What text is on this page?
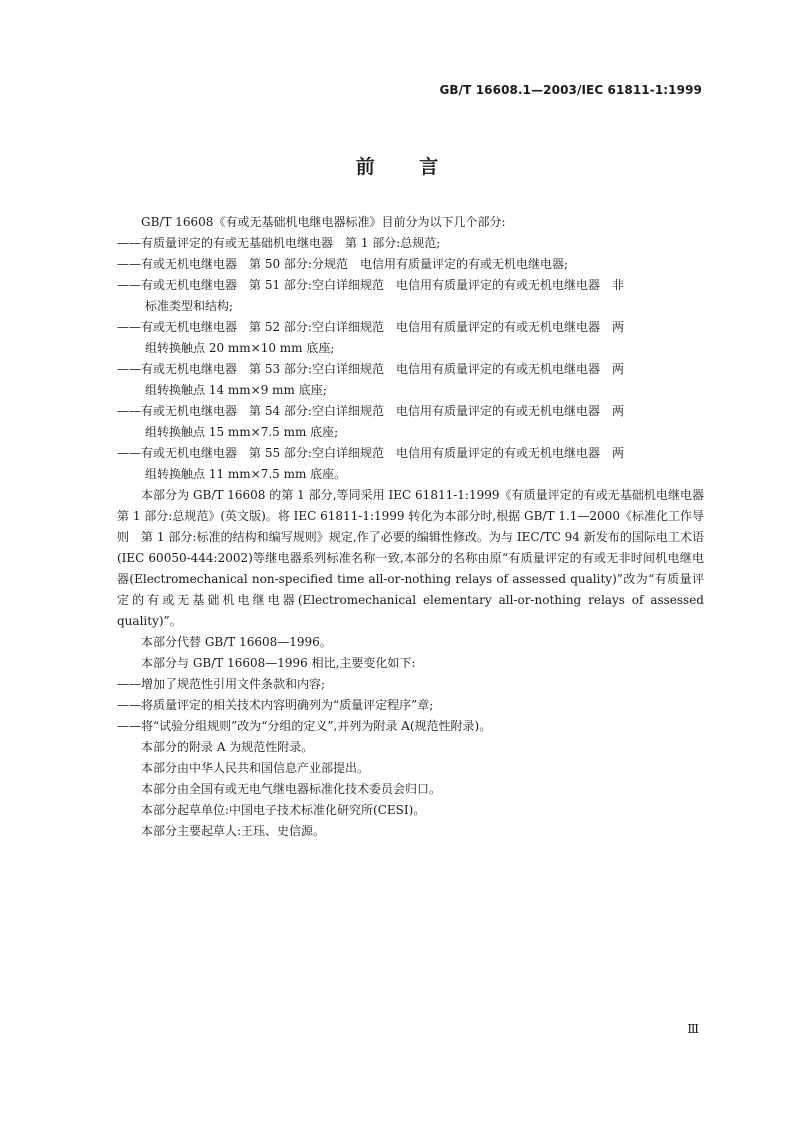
GB/T 16608.1—2003/IEC 61811-1:1999
前 言
GB/T 16608《有或无基础机电继电器标准》目前分为以下几个部分:
——有质量评定的有或无基础机电继电器　第 1 部分:总规范;
——有或无机电继电器　第 50 部分:分规范　电信用有质量评定的有或无机电继电器;
——有或无机电继电器　第 51 部分:空白详细规范　电信用有质量评定的有或无机电继电器　非
标准类型和结构;
——有或无机电继电器　第 52 部分:空白详细规范　电信用有质量评定的有或无机电继电器　两
组转换触点 20 mm×10 mm 底座;
——有或无机电继电器　第 53 部分:空白详细规范　电信用有质量评定的有或无机电继电器　两
组转换触点 14 mm×9 mm 底座;
——有或无机电继电器　第 54 部分:空白详细规范　电信用有质量评定的有或无机电继电器　两
组转换触点 15 mm×7.5 mm 底座;
——有或无机电继电器　第 55 部分:空白详细规范　电信用有质量评定的有或无机电继电器　两
组转换触点 11 mm×7.5 mm 底座。
本部分为 GB/T 16608 的第 1 部分,等同采用 IEC 61811-1:1999《有质量评定的有或无基础机电继电器　第 1 部分:总规范》(英文版)。将 IEC 61811-1:1999 转化为本部分时,根据 GB/T 1.1—2000《标准化工作导则　第 1 部分:标准的结构和编写规则》规定,作了必要的编辑性修改。为与 IEC/TC 94 新发布的国际电工术语(IEC 60050-444:2002)等继电器系列标准名称一致,本部分的名称由原“有质量评定的有或无非时间机电继电器(Electromechanical non-specified time all-or-nothing relays of assessed quality)”改为“有质量评定的有或无基础机电继电器(Electromechanical elementary all-or-nothing relays of assessed quality)”。
本部分代替 GB/T 16608—1996。
本部分与 GB/T 16608—1996 相比,主要变化如下:
——增加了规范性引用文件条款和内容;
——将质量评定的相关技术内容明确列为“质量评定程序”章;
——将“试验分组规则”改为“分组的定义”,并列为附录 A(规范性附录)。
本部分的附录 A 为规范性附录。
本部分由中华人民共和国信息产业部提出。
本部分由全国有或无电气继电器标准化技术委员会归口。
本部分起草单位:中国电子技术标准化研究所(CESI)。
本部分主要起草人:王珏、史信源。
Ⅲ
